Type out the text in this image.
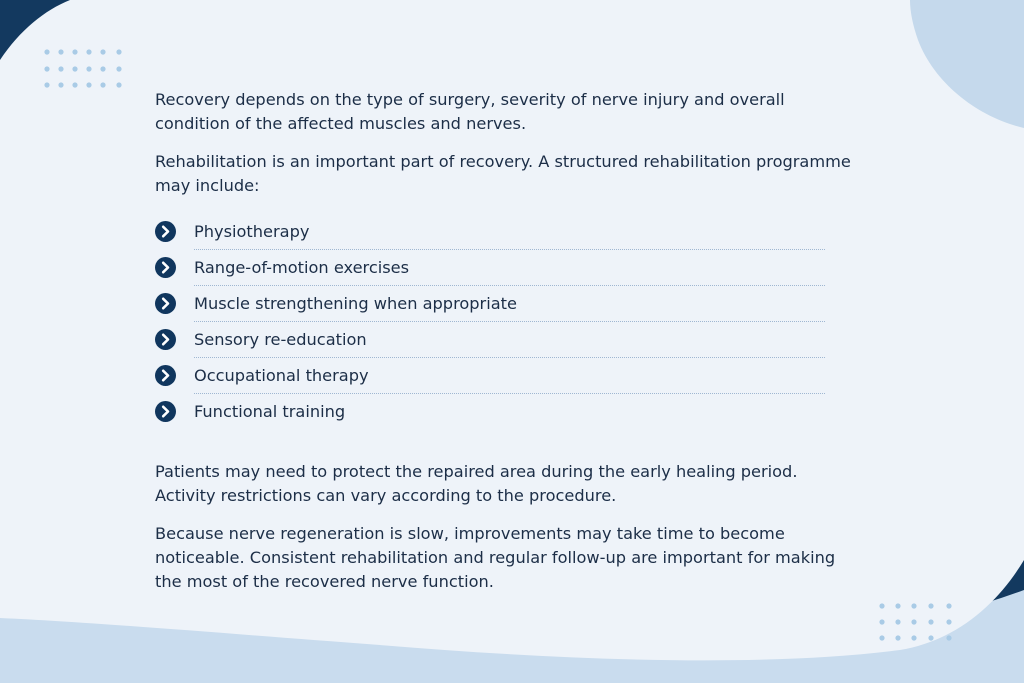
Recovery depends on the type of surgery, severity of nerve injury and overall condition of the affected muscles and nerves.

Rehabilitation is an important part of recovery. A structured rehabilitation programme may include:

Physiotherapy
Range-of-motion exercises
Muscle strengthening when appropriate
Sensory re-education
Occupational therapy
Functional training

Patients may need to protect the repaired area during the early healing period. Activity restrictions can vary according to the procedure.

Because nerve regeneration is slow, improvements may take time to become noticeable. Consistent rehabilitation and regular follow-up are important for making the most of the recovered nerve function.
